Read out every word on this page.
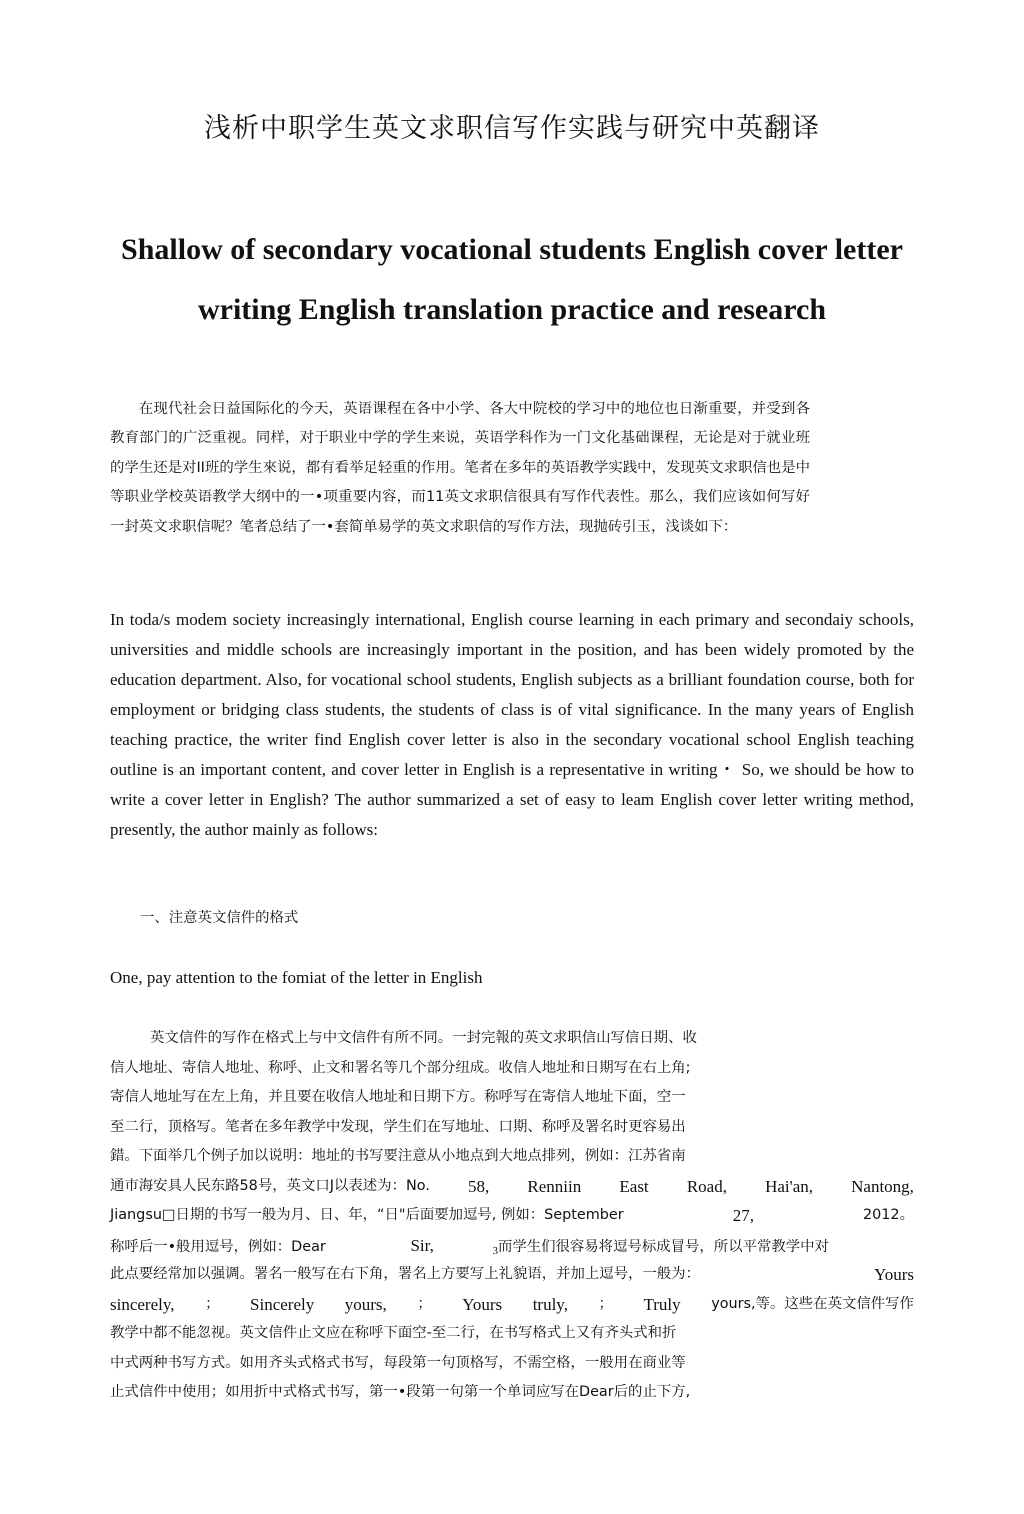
浅析中职学生英文求职信写作实践与研究中英翻译
Shallow of secondary vocational students English cover letter writing English translation practice and research

在现代社会日益国际化的今天，英语课程在各中小学、各大中院校的学习中的地位也日渐重要，并受到各教育部门的广泛重视。同样，对于职业中学的学生来说，英语学科作为一门文化基础课程，无论是对于就业班的学生还是对II班的学生來说，都有看举足轻重的作用。笔者在多年的英语教学实践中，发现英文求职信也是中等职业学校英语教学大纲中的一•项重要内容，而11英文求职信很具有写作代表性。那么，我们应该如何写好一封英文求职信呢？笔者总结了一•套简单易学的英文求职信的写作方法，现抛砖引玉，浅谈如下：

In toda/s modem society increasingly international, English course learning in each primary and secondaiy schools, universities and middle schools are increasingly important in the position, and has been widely promoted by the education department. Also, for vocational school students, English subjects as a brilliant foundation course, both for employment or bridging class students, the students of class is of vital significance. In the many years of English teaching practice, the writer find English cover letter is also in the secondary vocational school English teaching outline is an important content, and cover letter in English is a representative in writing・ So, we should be how to write a cover letter in English? The author summarized a set of easy to leam English cover letter writing method, presently, the author mainly as follows:

一、注意英文信件的格式
One, pay attention to the fomiat of the letter in English
英文信件的写作在格式上与中文信件有所不同。一封完報的英文求职信山写信日期、收
信人地址、寄信人地址、称呼、止文和署名等几个部分纽成。收信人地址和日期写在右上角;
寄信人地址写在左上角，并且要在收信人地址和日期下方。称呼写在寄信人地址下面，空一
至二行，顶格写。笔者在多年教学中发现，学生们在写地址、口期、称呼及署名时更容易出
錯。下面举几个例子加以说明：地址的书写要注意从小地点到大地点排列，例如：江苏省南
通市海安具人民东路58号，英文口J以表述为：No. 58, Renniin East Road, Hai'an, Nantong,
Jiangsu□日期的书写一般为月、日、年，“日"后面要加逗号, 例如：September	27,	2012。
称呼后一•般用逗号，例如：Dear	Sir,	$_3$而学生们很容易将逗号标成冒号，所以平常教学中对
此点要经常加以强调。署名一般写在右下角，署名上方要写上礼貌语，并加上逗号，一般为：	Yours
sincerely, ； Sincerely yours, ； Yours truly, ； Truly yours,等。这些在英文信件写作
教学中都不能忽视。英文信件止文应在称呼下面空-至二行，在书写格式上又有齐头式和折
中式两种书写方式。如用齐头式格式书写，每段第一句顶格写，不需空格，一般用在商业等
止式信件中使用；如用折中式格式书写，第一•段第一句第一个单词应写在Dear后的止下方,
